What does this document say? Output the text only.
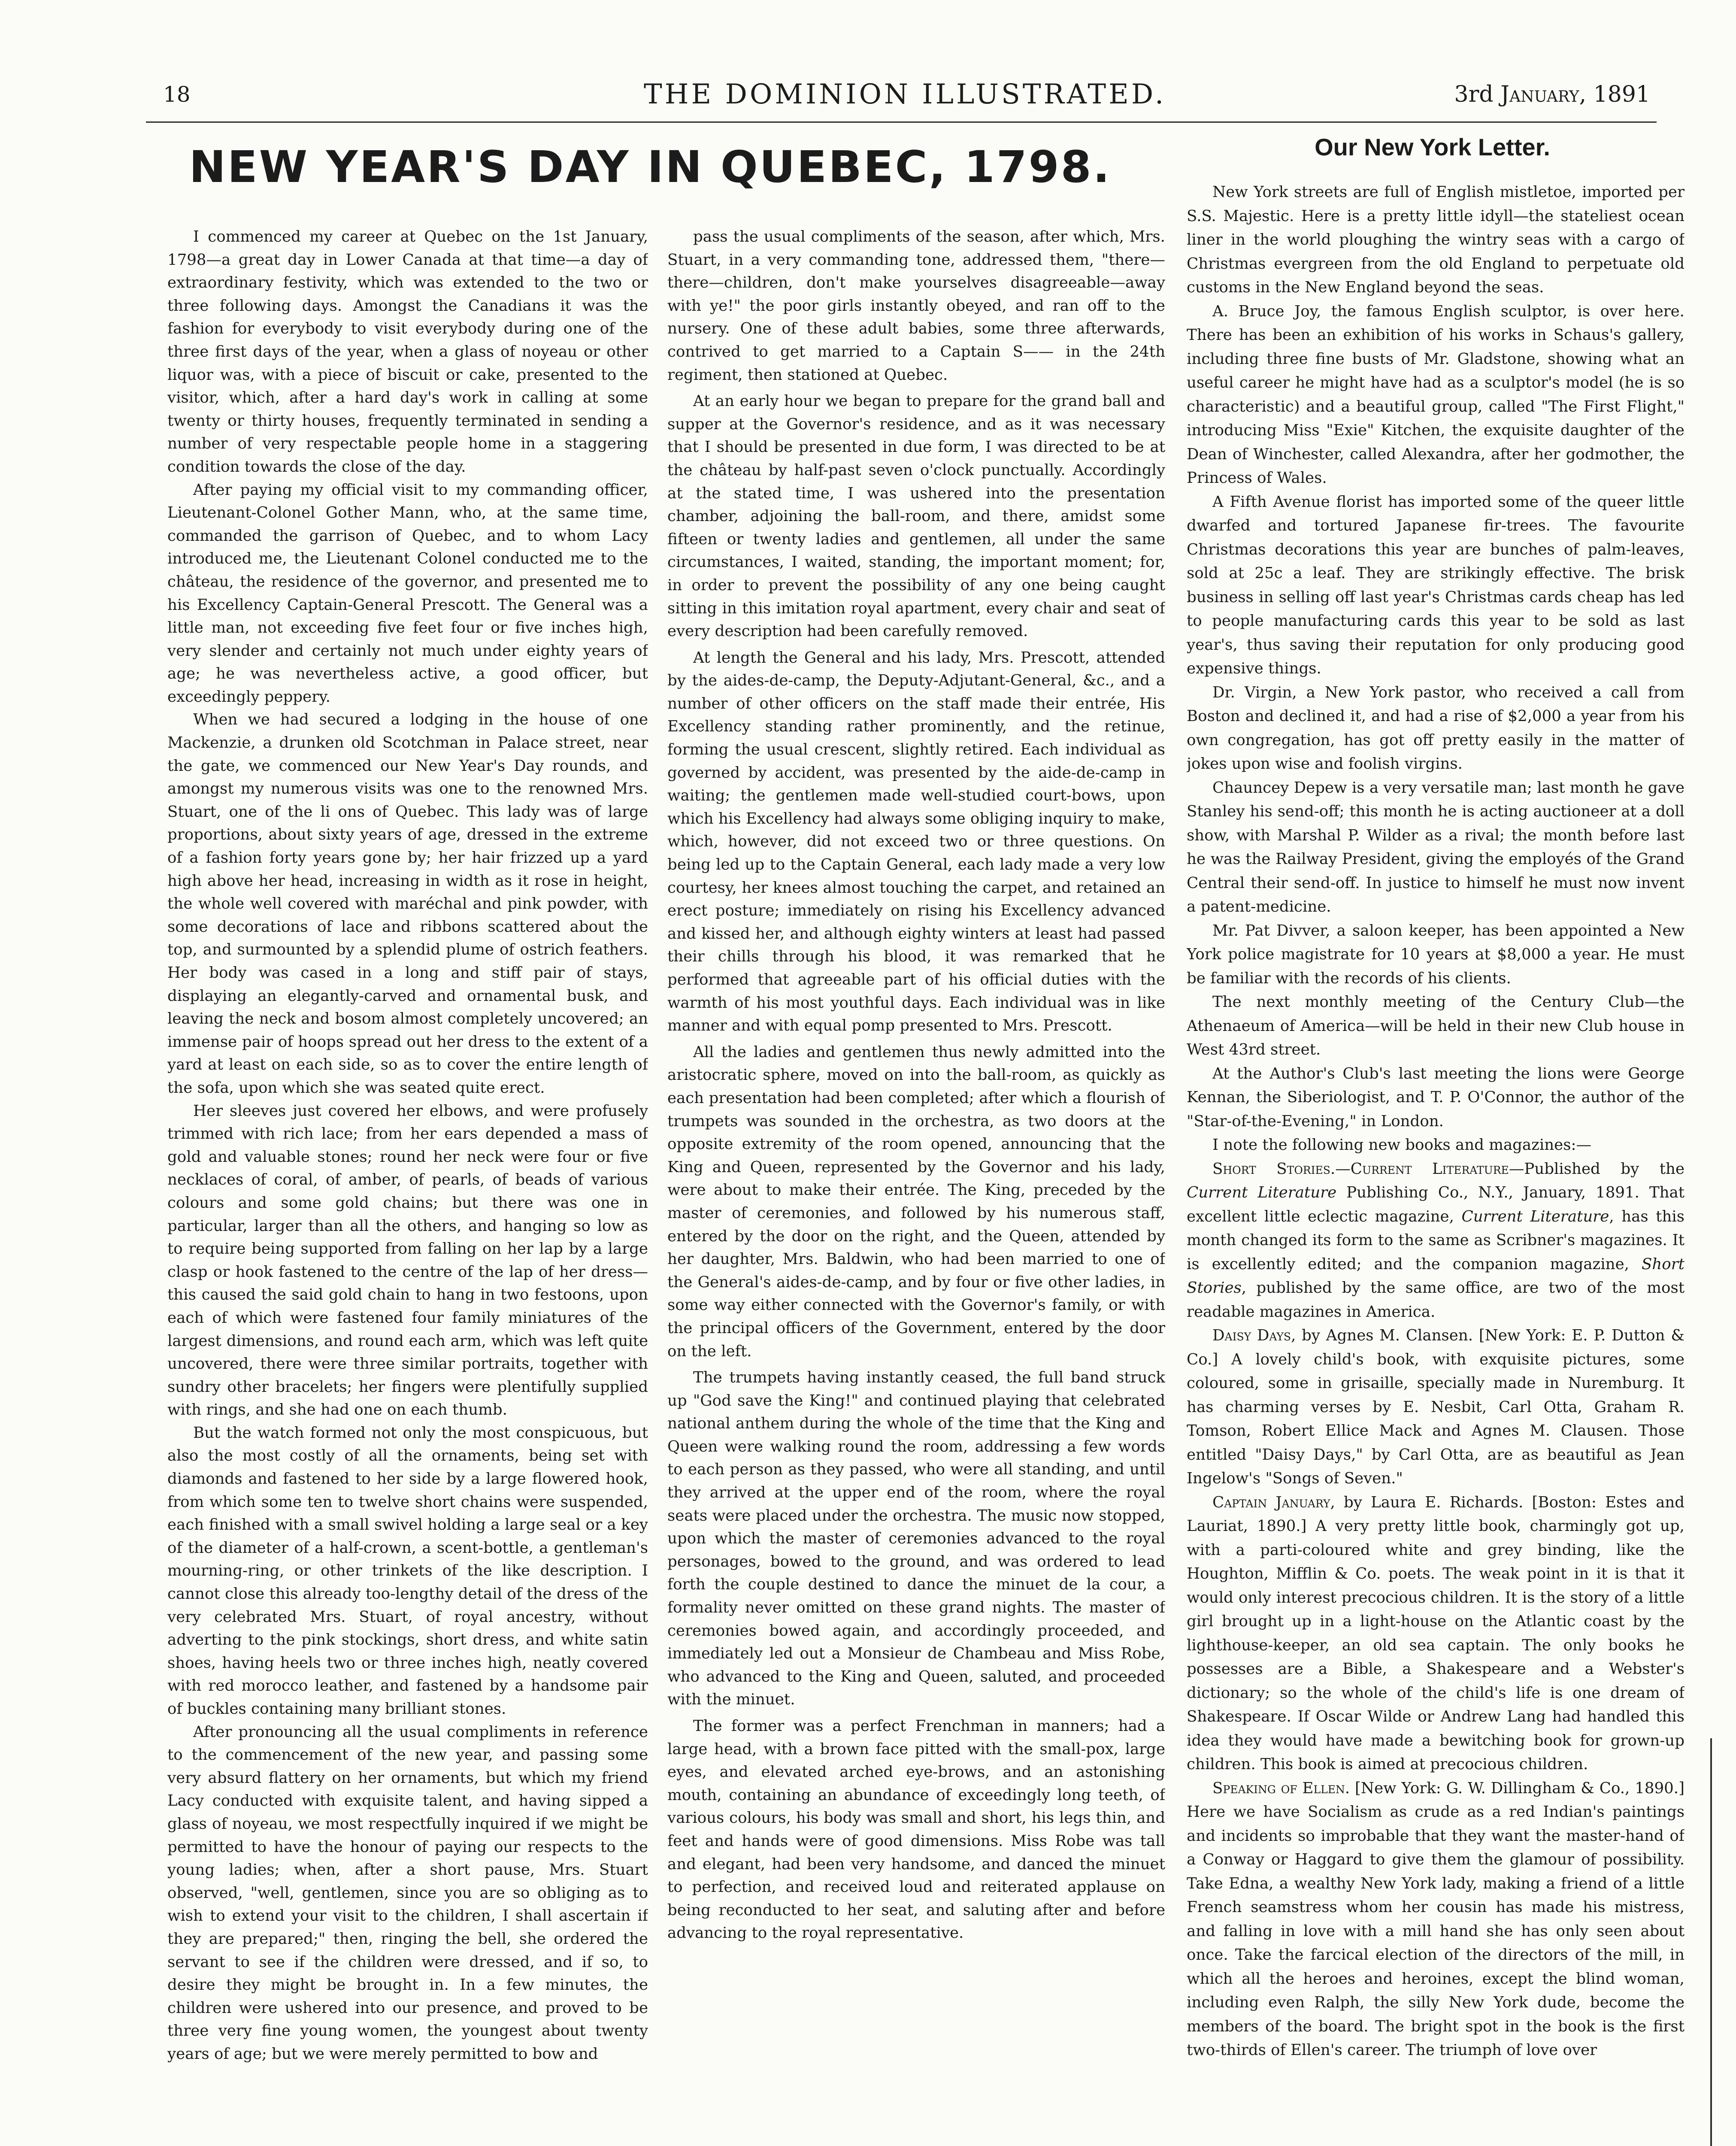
18	THE DOMINION ILLUSTRATED.	3rd January, 1891
NEW YEAR'S DAY IN QUEBEC, 1798.

I commenced my career at Quebec on the 1st January, 1798—a great day in Lower Canada at that time—a day of extraordinary festivity, which was extended to the two or three following days. Amongst the Canadians it was the fashion for everybody to visit everybody during one of the three first days of the year, when a glass of noyeau or other liquor was, with a piece of biscuit or cake, presented to the visitor, which, after a hard day's work in calling at some twenty or thirty houses, frequently terminated in sending a number of very respectable people home in a staggering condition towards the close of the day.

After paying my official visit to my commanding officer, Lieutenant-Colonel Gother Mann, who, at the same time, commanded the garrison of Quebec, and to whom Lacy introduced me, the Lieutenant Colonel conducted me to the château, the residence of the governor, and presented me to his Excellency Captain-General Prescott. The General was a little man, not exceeding five feet four or five inches high, very slender and certainly not much under eighty years of age; he was nevertheless active, a good officer, but exceedingly peppery.

When we had secured a lodging in the house of one Mackenzie, a drunken old Scotchman in Palace street, near the gate, we commenced our New Year's Day rounds, and amongst my numerous visits was one to the renowned Mrs. Stuart, one of the li ons of Quebec. This lady was of large proportions, about sixty years of age, dressed in the extreme of a fashion forty years gone by; her hair frizzed up a yard high above her head, increasing in width as it rose in height, the whole well covered with maréchal and pink powder, with some decorations of lace and ribbons scattered about the top, and surmounted by a splendid plume of ostrich feathers. Her body was cased in a long and stiff pair of stays, displaying an elegantly-carved and ornamental busk, and leaving the neck and bosom almost completely uncovered; an immense pair of hoops spread out her dress to the extent of a yard at least on each side, so as to cover the entire length of the sofa, upon which she was seated quite erect.

Her sleeves just covered her elbows, and were profusely trimmed with rich lace; from her ears depended a mass of gold and valuable stones; round her neck were four or five necklaces of coral, of amber, of pearls, of beads of various colours and some gold chains; but there was one in particular, larger than all the others, and hanging so low as to require being supported from falling on her lap by a large clasp or hook fastened to the centre of the lap of her dress—this caused the said gold chain to hang in two festoons, upon each of which were fastened four family miniatures of the largest dimensions, and round each arm, which was left quite uncovered, there were three similar portraits, together with sundry other bracelets; her fingers were plentifully supplied with rings, and she had one on each thumb.

But the watch formed not only the most conspicuous, but also the most costly of all the ornaments, being set with diamonds and fastened to her side by a large flowered hook, from which some ten to twelve short chains were suspended, each finished with a small swivel holding a large seal or a key of the diameter of a half-crown, a scent-bottle, a gentleman's mourning-ring, or other trinkets of the like description. I cannot close this already too-lengthy detail of the dress of the very celebrated Mrs. Stuart, of royal ancestry, without adverting to the pink stockings, short dress, and white satin shoes, having heels two or three inches high, neatly covered with red morocco leather, and fastened by a handsome pair of buckles containing many brilliant stones.

After pronouncing all the usual compliments in reference to the commencement of the new year, and passing some very absurd flattery on her ornaments, but which my friend Lacy conducted with exquisite talent, and having sipped a glass of noyeau, we most respectfully inquired if we might be permitted to have the honour of paying our respects to the young ladies; when, after a short pause, Mrs. Stuart observed, "well, gentlemen, since you are so obliging as to wish to extend your visit to the children, I shall ascertain if they are prepared;" then, ringing the bell, she ordered the servant to see if the children were dressed, and if so, to desire they might be brought in. In a few minutes, the children were ushered into our presence, and proved to be three very fine young women, the youngest about twenty years of age; but we were merely permitted to bow and

pass the usual compliments of the season, after which, Mrs. Stuart, in a very commanding tone, addressed them, "there—there—children, don't make yourselves disagreeable—away with ye!" the poor girls instantly obeyed, and ran off to the nursery. One of these adult babies, some three afterwards, contrived to get married to a Captain S—— in the 24th regiment, then stationed at Quebec.

At an early hour we began to prepare for the grand ball and supper at the Governor's residence, and as it was necessary that I should be presented in due form, I was directed to be at the château by half-past seven o'clock punctually. Accordingly at the stated time, I was ushered into the presentation chamber, adjoining the ball-room, and there, amidst some fifteen or twenty ladies and gentlemen, all under the same circumstances, I waited, standing, the important moment; for, in order to prevent the possibility of any one being caught sitting in this imitation royal apartment, every chair and seat of every description had been carefully removed.

At length the General and his lady, Mrs. Prescott, attended by the aides-de-camp, the Deputy-Adjutant-General, &c., and a number of other officers on the staff made their entrée, His Excellency standing rather prominently, and the retinue, forming the usual crescent, slightly retired. Each individual as governed by accident, was presented by the aide-de-camp in waiting; the gentlemen made well-studied court-bows, upon which his Excellency had always some obliging inquiry to make, which, however, did not exceed two or three questions. On being led up to the Captain General, each lady made a very low courtesy, her knees almost touching the carpet, and retained an erect posture; immediately on rising his Excellency advanced and kissed her, and although eighty winters at least had passed their chills through his blood, it was remarked that he performed that agreeable part of his official duties with the warmth of his most youthful days. Each individual was in like manner and with equal pomp presented to Mrs. Prescott.

All the ladies and gentlemen thus newly admitted into the aristocratic sphere, moved on into the ball-room, as quickly as each presentation had been completed; after which a flourish of trumpets was sounded in the orchestra, as two doors at the opposite extremity of the room opened, announcing that the King and Queen, represented by the Governor and his lady, were about to make their entrée. The King, preceded by the master of ceremonies, and followed by his numerous staff, entered by the door on the right, and the Queen, attended by her daughter, Mrs. Baldwin, who had been married to one of the General's aides-de-camp, and by four or five other ladies, in some way either connected with the Governor's family, or with the principal officers of the Government, entered by the door on the left.

The trumpets having instantly ceased, the full band struck up "God save the King!" and continued playing that celebrated national anthem during the whole of the time that the King and Queen were walking round the room, addressing a few words to each person as they passed, who were all standing, and until they arrived at the upper end of the room, where the royal seats were placed under the orchestra. The music now stopped, upon which the master of ceremonies advanced to the royal personages, bowed to the ground, and was ordered to lead forth the couple destined to dance the minuet de la cour, a formality never omitted on these grand nights. The master of ceremonies bowed again, and accordingly proceeded, and immediately led out a Monsieur de Chambeau and Miss Robe, who advanced to the King and Queen, saluted, and proceeded with the minuet.

The former was a perfect Frenchman in manners; had a large head, with a brown face pitted with the small-pox, large eyes, and elevated arched eye-brows, and an astonishing mouth, containing an abundance of exceedingly long teeth, of various colours, his body was small and short, his legs thin, and feet and hands were of good dimensions. Miss Robe was tall and elegant, had been very handsome, and danced the minuet to perfection, and received loud and reiterated applause on being reconducted to her seat, and saluting after and before advancing to the royal representative.

Our New York Letter.

New York streets are full of English mistletoe, imported per S.S. Majestic. Here is a pretty little idyll—the stateliest ocean liner in the world ploughing the wintry seas with a cargo of Christmas evergreen from the old England to perpetuate old customs in the New England beyond the seas.

A. Bruce Joy, the famous English sculptor, is over here. There has been an exhibition of his works in Schaus's gallery, including three fine busts of Mr. Gladstone, showing what an useful career he might have had as a sculptor's model (he is so characteristic) and a beautiful group, called "The First Flight," introducing Miss "Exie" Kitchen, the exquisite daughter of the Dean of Winchester, called Alexandra, after her godmother, the Princess of Wales.

A Fifth Avenue florist has imported some of the queer little dwarfed and tortured Japanese fir-trees. The favourite Christmas decorations this year are bunches of palm-leaves, sold at 25c a leaf. They are strikingly effective. The brisk business in selling off last year's Christmas cards cheap has led to people manufacturing cards this year to be sold as last year's, thus saving their reputation for only producing good expensive things.

Dr. Virgin, a New York pastor, who received a call from Boston and declined it, and had a rise of $2,000 a year from his own congregation, has got off pretty easily in the matter of jokes upon wise and foolish virgins.

Chauncey Depew is a very versatile man; last month he gave Stanley his send-off; this month he is acting auctioneer at a doll show, with Marshal P. Wilder as a rival; the month before last he was the Railway President, giving the employés of the Grand Central their send-off. In justice to himself he must now invent a patent-medicine.

Mr. Pat Divver, a saloon keeper, has been appointed a New York police magistrate for 10 years at $8,000 a year. He must be familiar with the records of his clients.

The next monthly meeting of the Century Club—the Athenaeum of America—will be held in their new Club house in West 43rd street.

At the Author's Club's last meeting the lions were George Kennan, the Siberiologist, and T. P. O'Connor, the author of the "Star-of-the-Evening," in London.

I note the following new books and magazines:—

Short Stories.—Current Literature—Published by the Current Literature Publishing Co., N.Y., January, 1891. That excellent little eclectic magazine, Current Literature, has this month changed its form to the same as Scribner's magazines. It is excellently edited; and the companion magazine, Short Stories, published by the same office, are two of the most readable magazines in America.

Daisy Days, by Agnes M. Clansen. [New York: E. P. Dutton & Co.] A lovely child's book, with exquisite pictures, some coloured, some in grisaille, specially made in Nuremburg. It has charming verses by E. Nesbit, Carl Otta, Graham R. Tomson, Robert Ellice Mack and Agnes M. Clausen. Those entitled "Daisy Days," by Carl Otta, are as beautiful as Jean Ingelow's "Songs of Seven."

Captain January, by Laura E. Richards. [Boston: Estes and Lauriat, 1890.] A very pretty little book, charmingly got up, with a parti-coloured white and grey binding, like the Houghton, Mifflin & Co. poets. The weak point in it is that it would only interest precocious children. It is the story of a little girl brought up in a light-house on the Atlantic coast by the lighthouse-keeper, an old sea captain. The only books he possesses are a Bible, a Shakespeare and a Webster's dictionary; so the whole of the child's life is one dream of Shakespeare. If Oscar Wilde or Andrew Lang had handled this idea they would have made a bewitching book for grown-up children. This book is aimed at precocious children.

Speaking of Ellen. [New York: G. W. Dillingham & Co., 1890.] Here we have Socialism as crude as a red Indian's paintings and incidents so improbable that they want the master-hand of a Conway or Haggard to give them the glamour of possibility. Take Edna, a wealthy New York lady, making a friend of a little French seamstress whom her cousin has made his mistress, and falling in love with a mill hand she has only seen about once. Take the farcical election of the directors of the mill, in which all the heroes and heroines, except the blind woman, including even Ralph, the silly New York dude, become the members of the board. The bright spot in the book is the first two-thirds of Ellen's career. The triumph of love over
